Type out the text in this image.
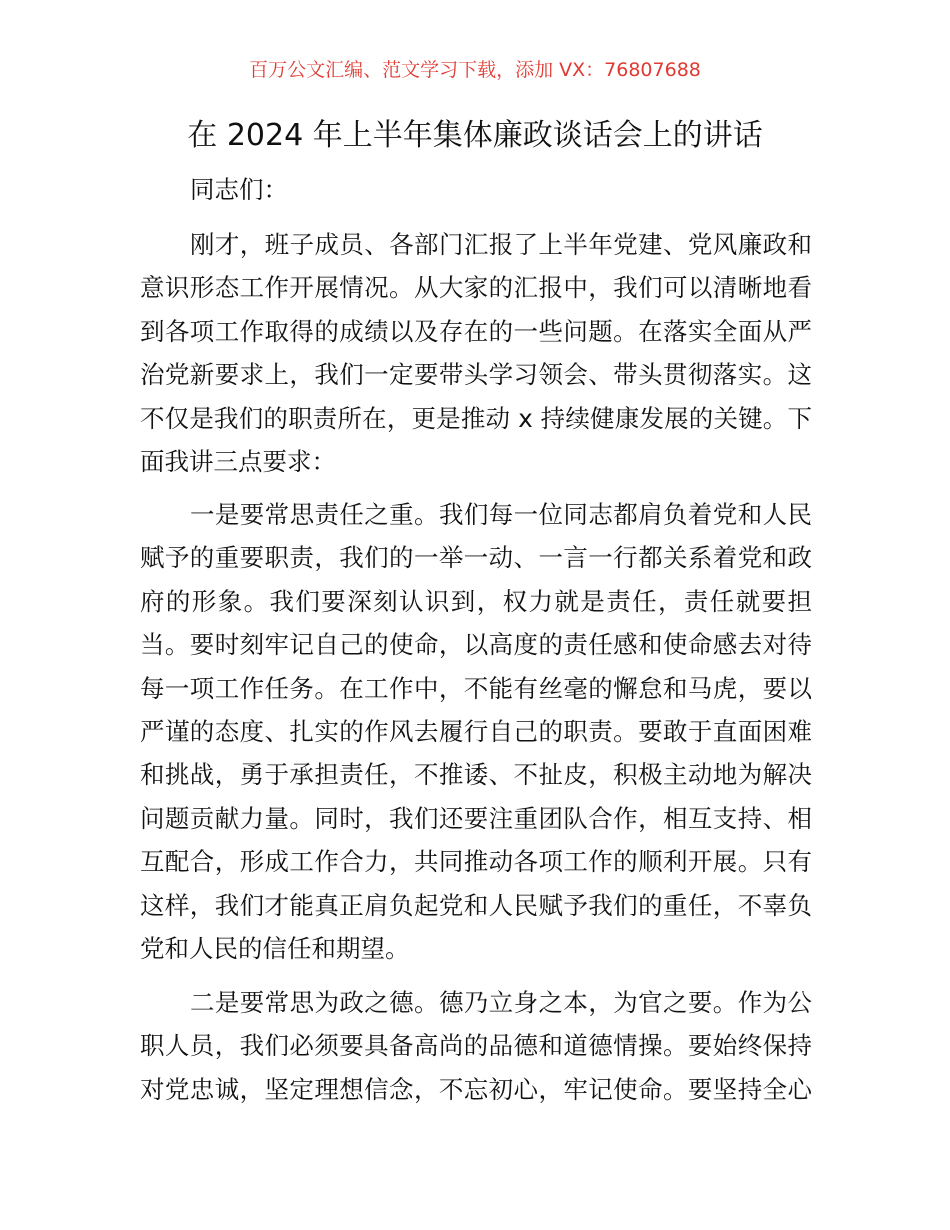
百万公文汇编、范文学习下载，添加 VX：76807688
在 2024 年上半年集体廉政谈话会上的讲话
同志们：
刚才，班子成员、各部门汇报了上半年党建、党风廉政和
意识形态工作开展情况。从大家的汇报中，我们可以清晰地看
到各项工作取得的成绩以及存在的一些问题。在落实全面从严
治党新要求上，我们一定要带头学习领会、带头贯彻落实。这
不仅是我们的职责所在，更是推动 x 持续健康发展的关键。下
面我讲三点要求：
一是要常思责任之重。我们每一位同志都肩负着党和人民
赋予的重要职责，我们的一举一动、一言一行都关系着党和政
府的形象。我们要深刻认识到，权力就是责任，责任就要担
当。要时刻牢记自己的使命，以高度的责任感和使命感去对待
每一项工作任务。在工作中，不能有丝毫的懈怠和马虎，要以
严谨的态度、扎实的作风去履行自己的职责。要敢于直面困难
和挑战，勇于承担责任，不推诿、不扯皮，积极主动地为解决
问题贡献力量。同时，我们还要注重团队合作，相互支持、相
互配合，形成工作合力，共同推动各项工作的顺利开展。只有
这样，我们才能真正肩负起党和人民赋予我们的重任，不辜负
党和人民的信任和期望。
二是要常思为政之德。德乃立身之本，为官之要。作为公
职人员，我们必须要具备高尚的品德和道德情操。要始终保持
对党忠诚，坚定理想信念，不忘初心，牢记使命。要坚持全心
